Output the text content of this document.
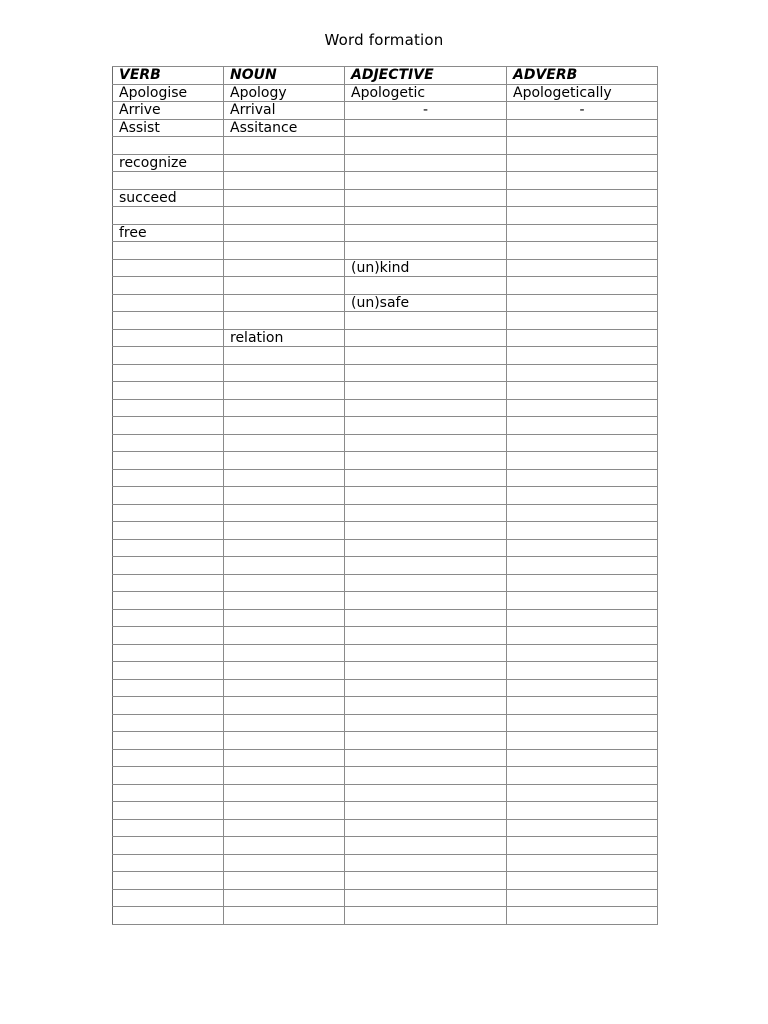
Word formation
VERB	NOUN	ADJECTIVE	ADVERB
Apologise	Apology	Apologetic	Apologetically
Arrive	Arrival	-	-
Assist	Assitance		

recognize			

succeed			

free			

		(un)kind	

		(un)safe	

	relation		
